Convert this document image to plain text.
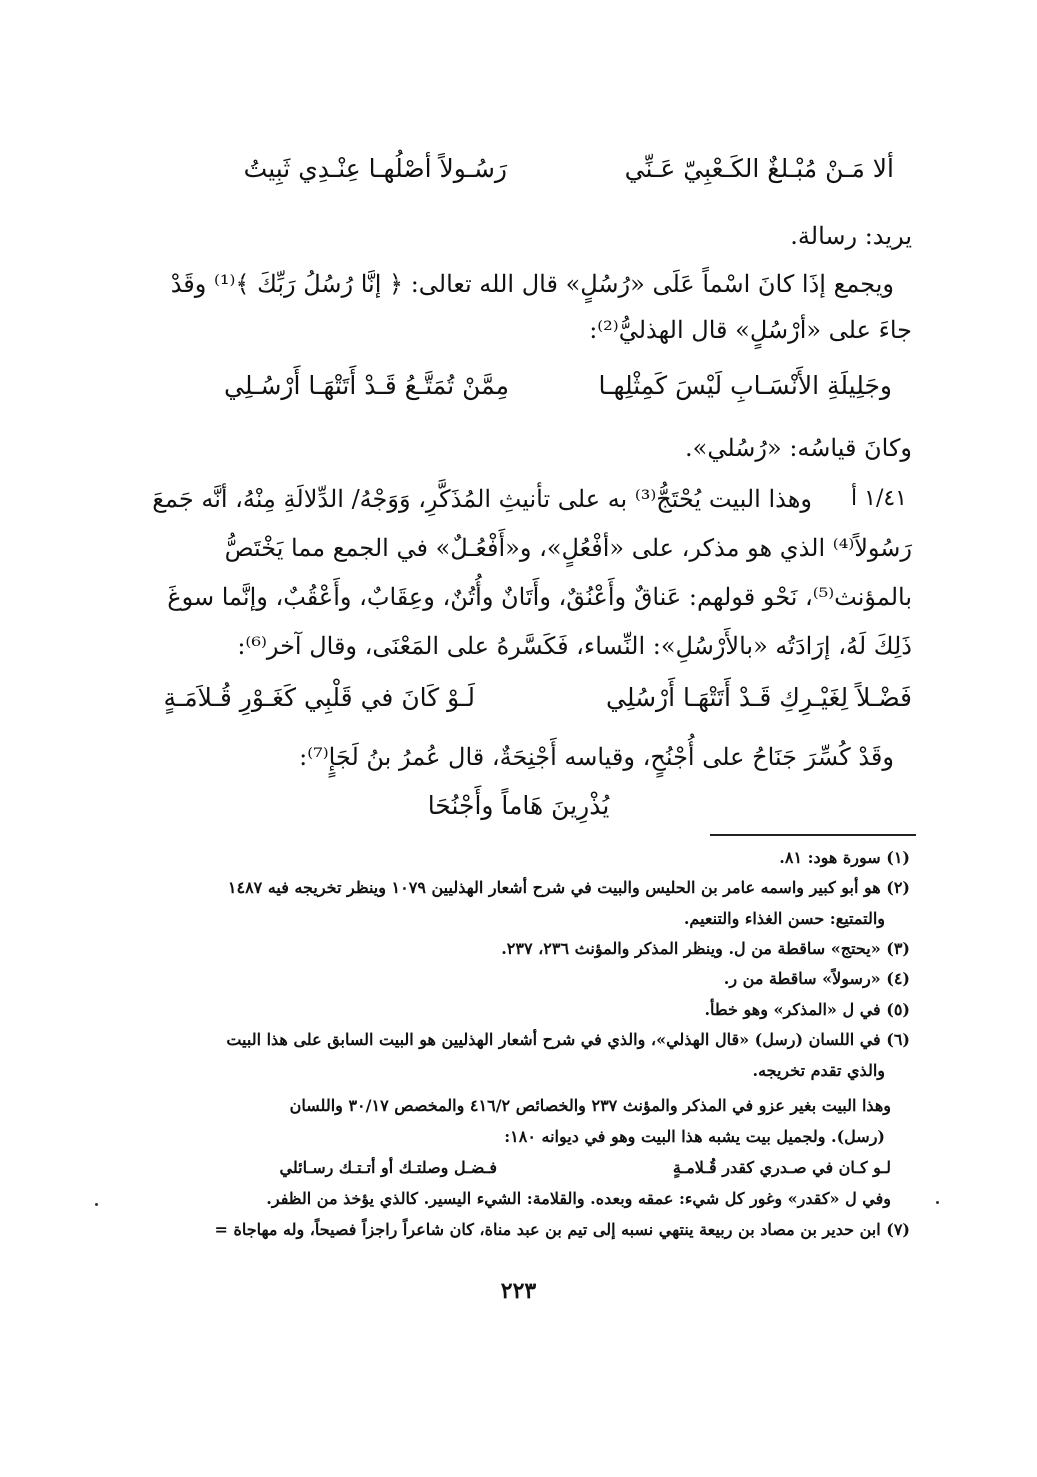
ألا مَـنْ مُبْـلغٌ الكَـعْبِيّ عَـنِّي
رَسُـولاً أصْلُهـا عِنْـدِي ثَبِيتُ
يريد: رسالة.
ويجمع إذَا كانَ اسْماً عَلَى «رُسُلٍ» قال الله تعالى: ﴿ إنَّا رُسُلُ رَبِّكَ ﴾⁽¹⁾ وقَدْ
جاءَ على «أرْسُلٍ» قال الهذليُّ⁽²⁾:
وجَلِيلَةِ الأَنْسَـابِ لَيْسَ كَمِثْلِهـا
مِمَّنْ تُمَتَّـعُ قَـدْ أَتَتْهَـا أَرْسُـلِي
وكانَ قياسُه: «رُسُلي».
وهذا البيت يُحْتَجُّ⁽³⁾ به على تأنيثِ المُذَكَّرِ، وَوَجْهُ/ الدِّلالَةِ مِنْهُ، أنَّه جَمعَ ١/٤١ أ
رَسُولاً⁽⁴⁾ الذي هو مذكر، على «أفْعُلٍ»، و«أَفْعُـلٌ» في الجمع مما يَخْتَصُّ
بالمؤنث⁽⁵⁾، نَحْو قولهم: عَناقٌ وأَعْنُقٌ، وأَتَانٌ وأُتُنٌ، وعِقَابٌ، وأَعْقُبٌ، وإنَّما سوغَ
ذَلِكَ لَهُ، إرَادَتُه «بالأَرْسُلِ»: النِّساء، فَكَسَّرهُ على المَعْنَى، وقال آخر⁽⁶⁾:
لَـوْ كَانَ في قَلْبِي كَغَـوْرِ قُـلاَمَـةٍ	فَضْـلاً لِغَيْـرِكِ قَـدْ أَتَتْهَـا أَرْسُلِي
وقَدْ كُسِّرَ جَنَاحُ على أُجْنُحٍ، وقياسه أَجْنِحَةٌ، قال عُمرُ بنُ لَجَإٍ⁽⁷⁾:
يُذْرِينَ هَاماً وأَجْنُحَا
(١) سورة هود: ٨١.
(٢) هو أبو كبير واسمه عامر بن الحليس والبيت في شرح أشعار الهذليين ١٠٧٩ وينظر تخريجه فيه ١٤٨٧
والتمتيع: حسن الغذاء والتنعيم.
(٣) «يحتج» ساقطة من ل. وينظر المذكر والمؤنث ٢٣٦، ٢٣٧.
(٤) «رسولاً» ساقطة من ر.
(٥) في ل «المذكر» وهو خطأ.
(٦) في اللسان (رسل) «قال الهذلي»، والذي في شرح أشعار الهذليين هو البيت السابق على هذا البيت
والذي تقدم تخريجه.
وهذا البيت بغير عزو في المذكر والمؤنث ٢٣٧ والخصائص ٤١٦/٢ والمخصص ٣٠/١٧ واللسان
(رسل). ولجميل بيت يشبه هذا البيت وهو في ديوانه ١٨٠:
لـو كـان في صـدري كقدر قُـلامـةٍ
فـضـل وصلتـك أو أتـتـك رسـائلي
وفي ل «كقدر» وغور كل شيء: عمقه وبعده. والقلامة: الشيء اليسير. كالذي يؤخذ من الظفر.
(٧) ابن حدير بن مصاد بن ربيعة ينتهي نسبه إلى تيم بن عبد مناة، كان شاعراً راجزاً فصيحاً، وله مهاجاة =
٢٢٣
